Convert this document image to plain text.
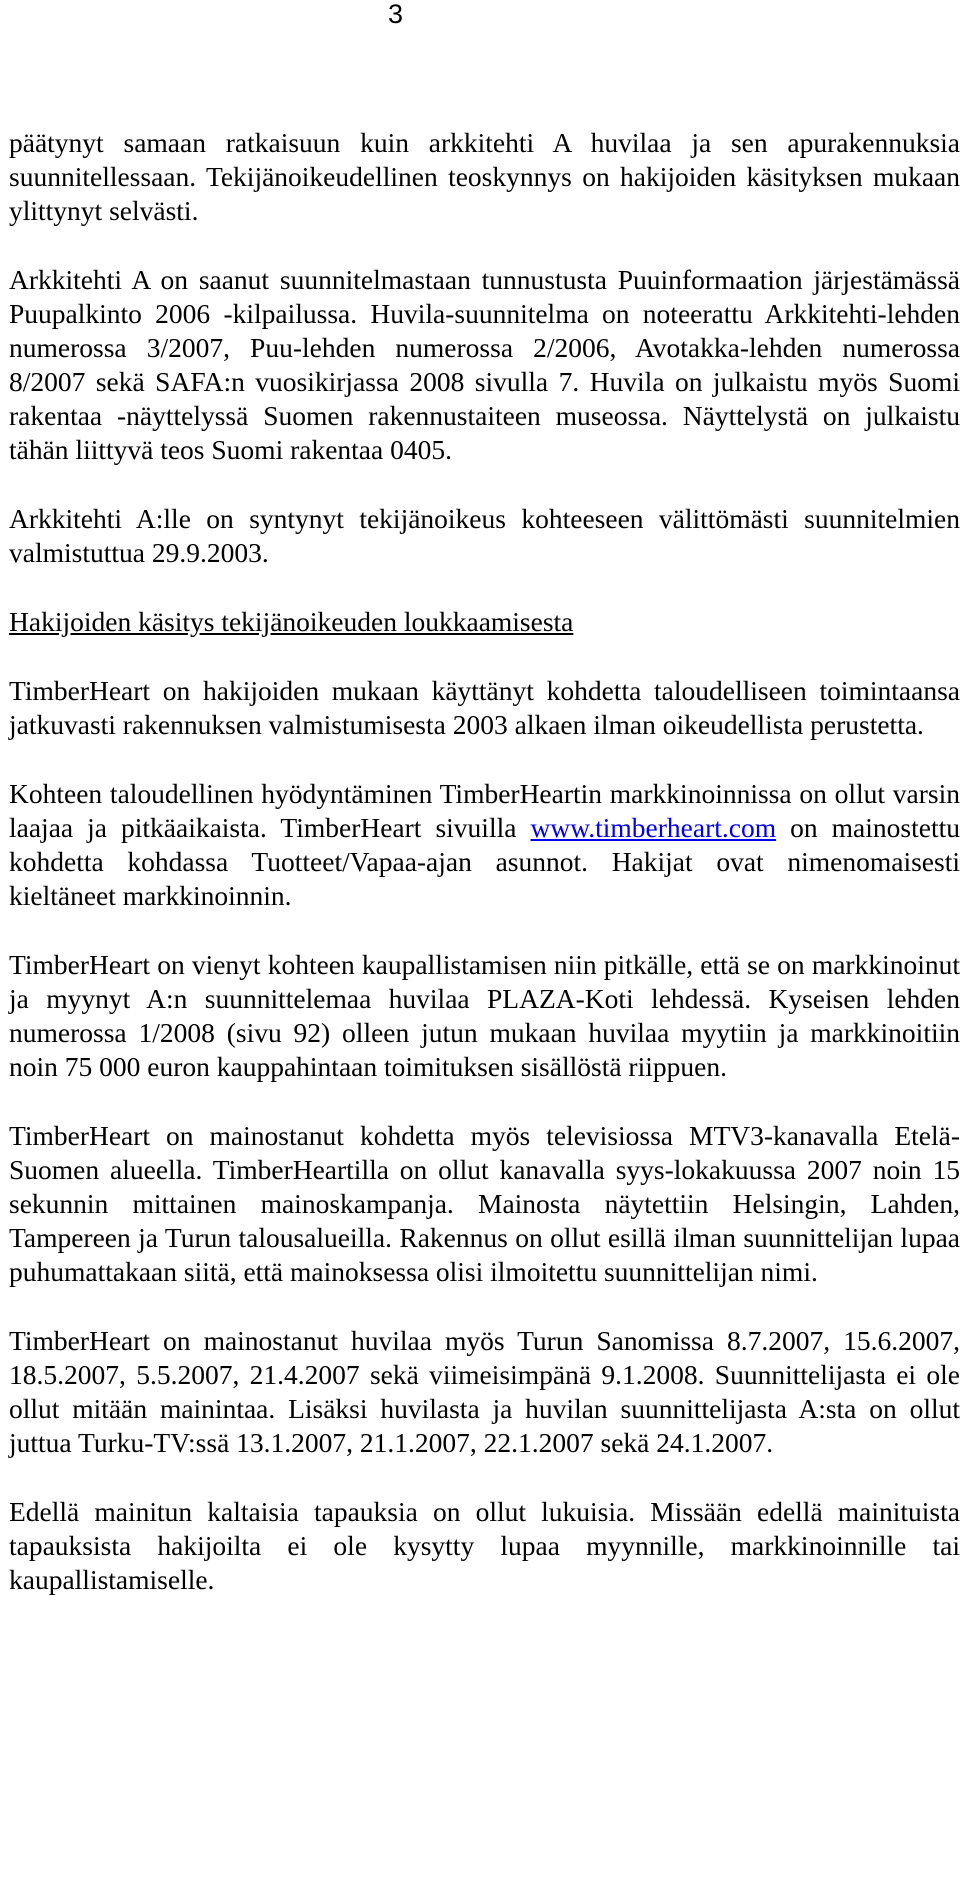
3

päätynyt samaan ratkaisuun kuin arkkitehti A huvilaa ja sen apurakennuksia suunnitellessaan. Tekijänoikeudellinen teoskynnys on hakijoiden käsityksen mukaan ylittynyt selvästi.

Arkkitehti A on saanut suunnitelmastaan tunnustusta Puuinformaation järjestämässä Puupalkinto 2006 -kilpailussa. Huvila-suunnitelma on noteerattu Arkkitehti-lehden numerossa 3/2007, Puu-lehden numerossa 2/2006, Avotakka-lehden numerossa 8/2007 sekä SAFA:n vuosikirjassa 2008 sivulla 7. Huvila on julkaistu myös Suomi rakentaa -näyttelyssä Suomen rakennustaiteen museossa. Näyttelystä on julkaistu tähän liittyvä teos Suomi rakentaa 0405.

Arkkitehti A:lle on syntynyt tekijänoikeus kohteeseen välittömästi suunnitelmien valmistuttua 29.9.2003.

Hakijoiden käsitys tekijänoikeuden loukkaamisesta

TimberHeart on hakijoiden mukaan käyttänyt kohdetta taloudelliseen toimintaansa jatkuvasti rakennuksen valmistumisesta 2003 alkaen ilman oikeudellista perustetta.

Kohteen taloudellinen hyödyntäminen TimberHeartin markkinoinnissa on ollut varsin laajaa ja pitkäaikaista. TimberHeart sivuilla www.timberheart.com on mainostettu kohdetta kohdassa Tuotteet/Vapaa-ajan asunnot. Hakijat ovat nimenomaisesti kieltäneet markkinoinnin.

TimberHeart on vienyt kohteen kaupallistamisen niin pitkälle, että se on markkinoinut ja myynyt A:n suunnittelemaa huvilaa PLAZA-Koti lehdessä. Kyseisen lehden numerossa 1/2008 (sivu 92) olleen jutun mukaan huvilaa myytiin ja markkinoitiin noin 75 000 euron kauppahintaan toimituksen sisällöstä riippuen.

TimberHeart on mainostanut kohdetta myös televisiossa MTV3-kanavalla Etelä-Suomen alueella. TimberHeartilla on ollut kanavalla syys-lokakuussa 2007 noin 15 sekunnin mittainen mainoskampanja. Mainosta näytettiin Helsingin, Lahden, Tampereen ja Turun talousalueilla. Rakennus on ollut esillä ilman suunnittelijan lupaa puhumattakaan siitä, että mainoksessa olisi ilmoitettu suunnittelijan nimi.

TimberHeart on mainostanut huvilaa myös Turun Sanomissa 8.7.2007, 15.6.2007, 18.5.2007, 5.5.2007, 21.4.2007 sekä viimeisimpänä 9.1.2008. Suunnittelijasta ei ole ollut mitään mainintaa. Lisäksi huvilasta ja huvilan suunnittelijasta A:sta on ollut juttua Turku-TV:ssä 13.1.2007, 21.1.2007, 22.1.2007 sekä 24.1.2007.

Edellä mainitun kaltaisia tapauksia on ollut lukuisia. Missään edellä mainituista tapauksista hakijoilta ei ole kysytty lupaa myynnille, markkinoinnille tai kaupallistamiselle.
